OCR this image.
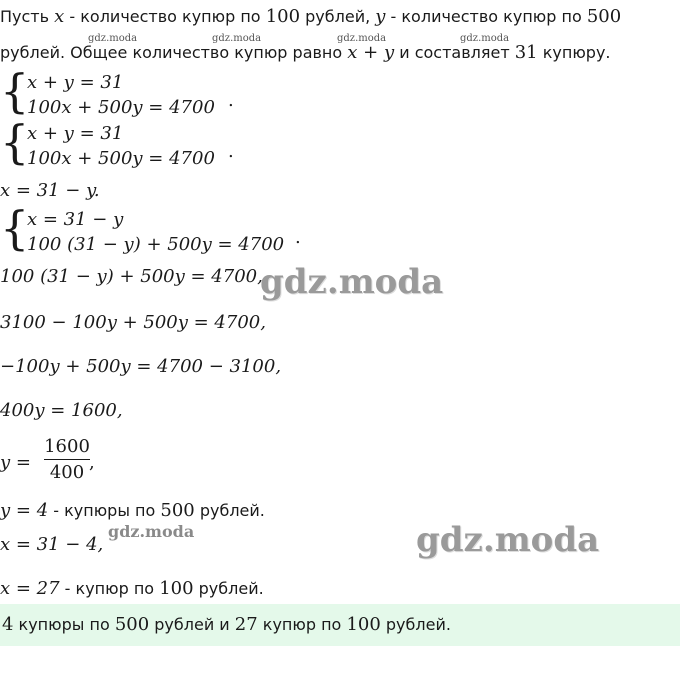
Пусть x - количество купюр по 100 рублей, y - количество купюр по 500
gdz.moda	gdz.moda	gdz.moda	gdz.moda
рублей. Общее количество купюр равно x + y и составляет 31 купюру.
{
x + y = 31
100x + 500y = 4700 .
{
x + y = 31
100x + 500y = 4700 .
x = 31 − y.
{
x = 31 − y
100 (31 − y) + 500y = 4700 .
100 (31 − y) + 500y = 4700,
gdz.moda
3100 − 100y + 500y = 4700,
−100y + 500y = 4700 − 3100,
400y = 1600,
y =
1600
400 ,
y = 4 - купюры по 500 рублей.
x = 31 − 4,
gdz.moda	gdz.moda
x = 27 - купюр по 100 рублей.
4 купюры по 500 рублей и 27 купюр по 100 рублей.
